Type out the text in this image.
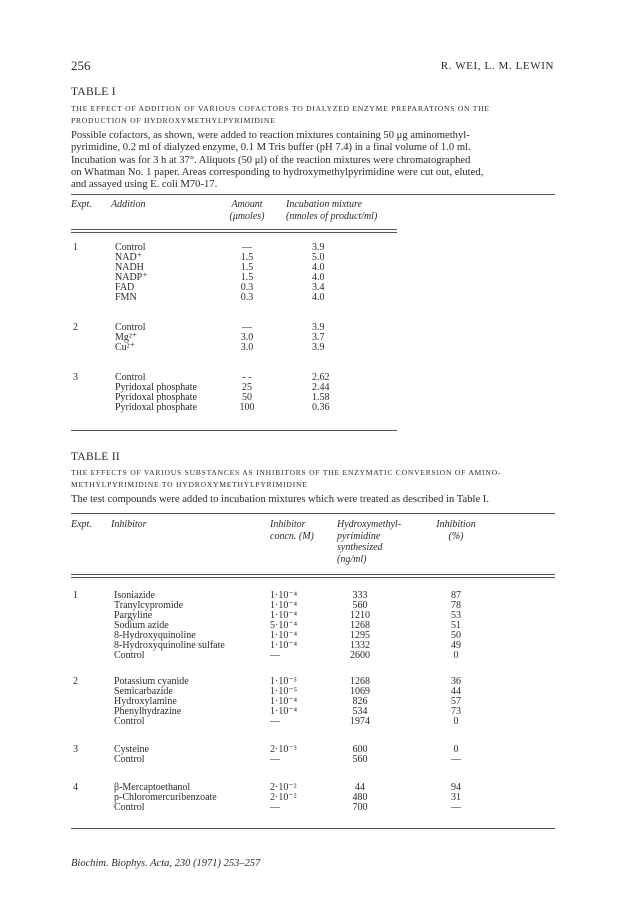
256	R. WEI, L. M. LEWIN
TABLE I
THE EFFECT OF ADDITION OF VARIOUS COFACTORS TO DIALYZED ENZYME PREPARATIONS ON THE
PRODUCTION OF HYDROXYMETHYLPYRIMIDINE
Possible cofactors, as shown, were added to reaction mixtures containing 50 μg aminomethyl-
pyrimidine, 0.2 ml of dialyzed enzyme, 0.1 M Tris buffer (pH 7.4) in a final volume of 1.0 ml.
Incubation was for 3 h at 37°. Aliquots (50 μl) of the reaction mixtures were chromatographed
on Whatman No. 1 paper. Areas corresponding to hydroxymethylpyrimidine were cut out, eluted,
and assayed using E. coli M70-17.
Expt. Addition	Amount
(μmoles)
Incubation mixture
(nmoles of product/ml)
1	Control	—	3.9
NAD⁺	1.5	5.0
NADH	1.5	4.0
NADP⁺	1.5	4.0
FAD	0.3	3.4
FMN	0.3	4.0
2	Control	—	3.9
Mg²⁺	3.0	3.7
Cu²⁺	3.0	3.9
3	Control	- -	2.62
Pyridoxal phosphate	25	2.44
Pyridoxal phosphate	50	1.58
Pyridoxal phosphate	100	0.36
TABLE II
THE EFFECTS OF VARIOUS SUBSTANCES AS INHIBITORS OF THE ENZYMATIC CONVERSION OF AMINO-
METHYLPYRIMIDINE TO HYDROXYMETHYLPYRIMIDINE
The test compounds were added to incubation mixtures which were treated as described in Table I.
Expt. Inhibitor	Inhibitor
concn. (M)
Hydroxymethyl-
pyrimidine
synthesized
(ng/ml)
Inhibition
(%)
1	Isoniazide	1·10⁻⁴	333	87
Tranylcypromide	1·10⁻⁴	560	78
Pargyline	1·10⁻⁴	1210	53
Sodium azide	5·10⁻⁴	1268	51
8-Hydroxyquinoline	1·10⁻⁴	1295	50
8-Hydroxyquinoline sulfate	1·10⁻⁴	1332	49
Control	—	2600	0
2	Potassium cyanide	1·10⁻³	1268	36
Semicarbazide	1·10⁻⁵	1069	44
Hydroxylamine	1·10⁻⁴	826	57
Phenylhydrazine	1·10⁻⁴	534	73
Control	—	1974	0
3	Cysteine	2·10⁻³	600	0
Control	—	560	—
4	β-Mercaptoethanol	2·10⁻²	44	94
p-Chloromercuribenzoate	2·10⁻²	480	31
Control	—	700	—
Biochim. Biophys. Acta, 230 (1971) 253–257
